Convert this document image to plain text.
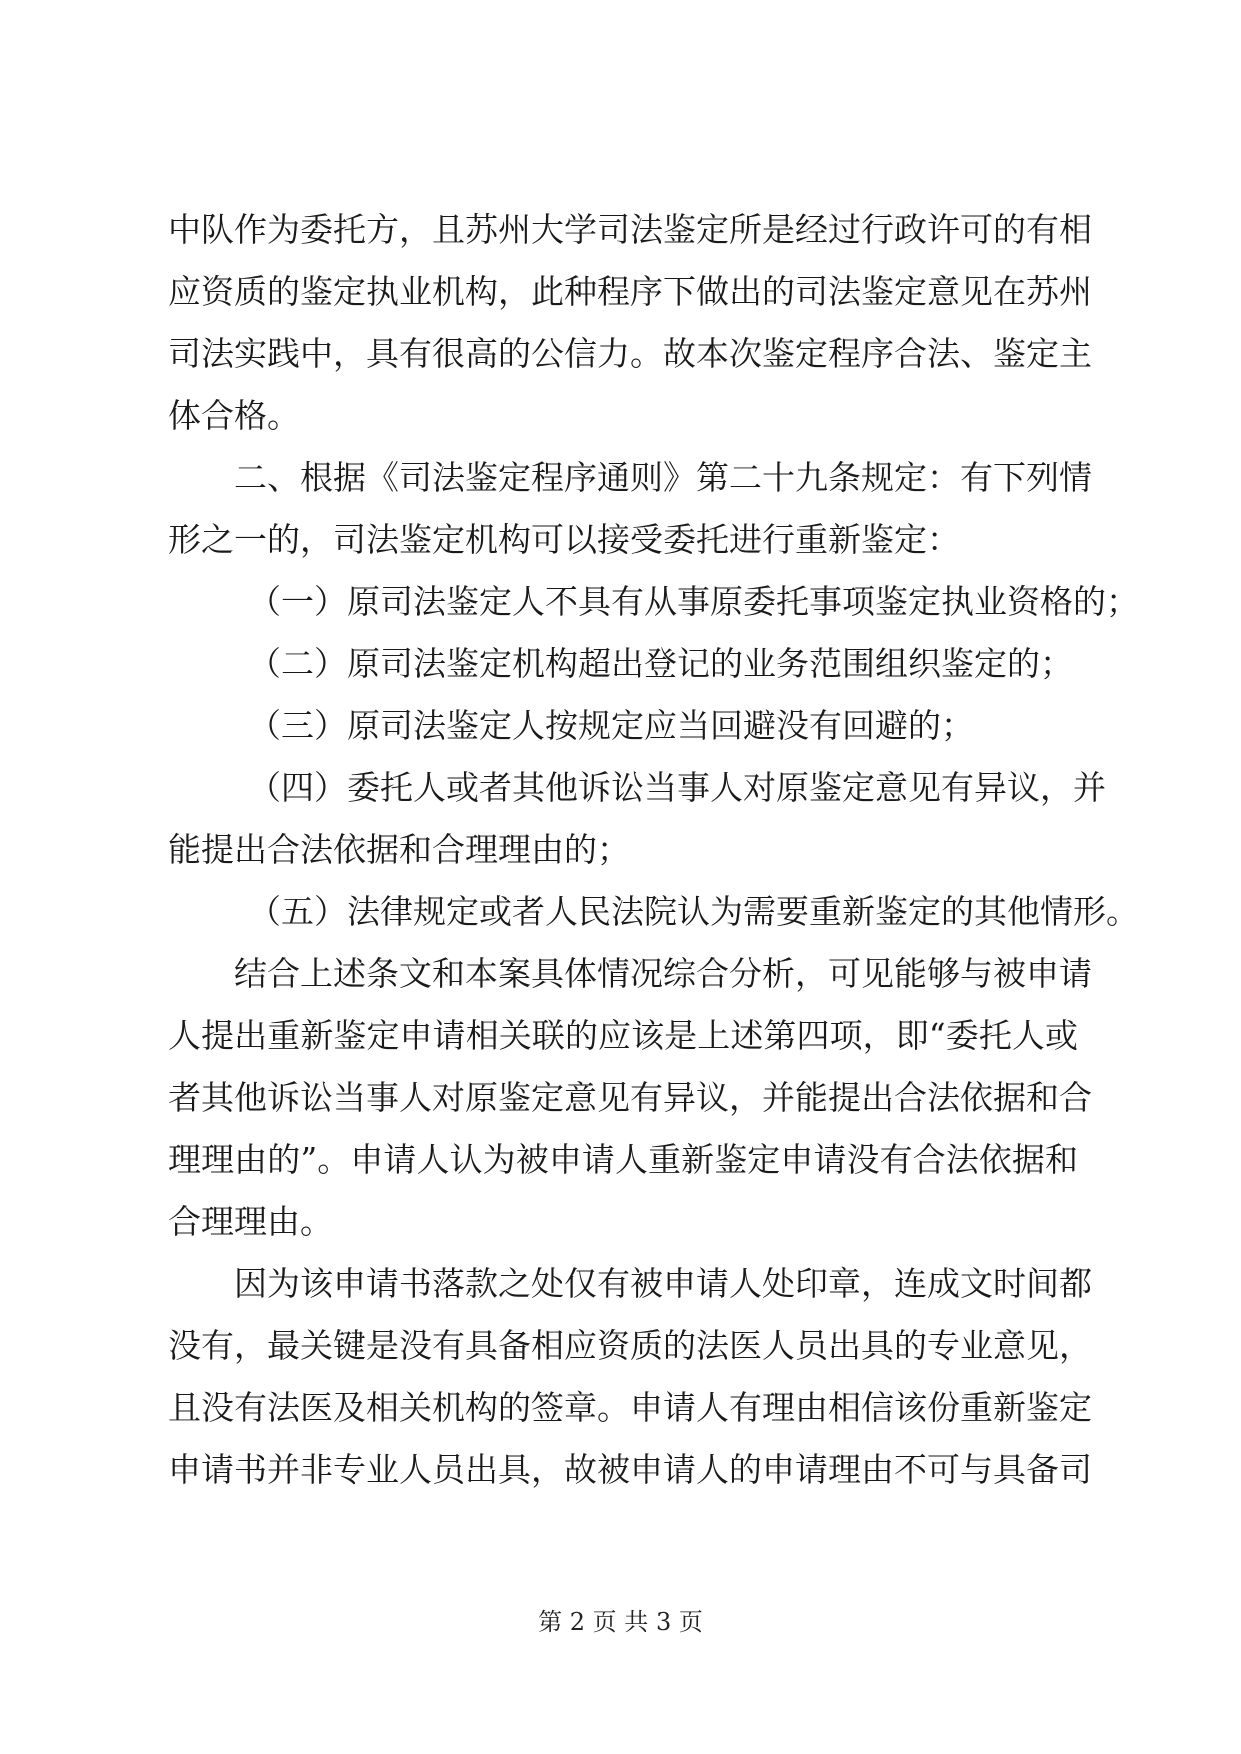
中队作为委托方，且苏州大学司法鉴定所是经过行政许可的有相
应资质的鉴定执业机构，此种程序下做出的司法鉴定意见在苏州
司法实践中，具有很高的公信力。故本次鉴定程序合法、鉴定主
体合格。
二、根据《司法鉴定程序通则》第二十九条规定：有下列情
形之一的，司法鉴定机构可以接受委托进行重新鉴定：
（一）原司法鉴定人不具有从事原委托事项鉴定执业资格的；
（二）原司法鉴定机构超出登记的业务范围组织鉴定的；
（三）原司法鉴定人按规定应当回避没有回避的；
（四）委托人或者其他诉讼当事人对原鉴定意见有异议，并
能提出合法依据和合理理由的；
（五）法律规定或者人民法院认为需要重新鉴定的其他情形。
结合上述条文和本案具体情况综合分析，可见能够与被申请
人提出重新鉴定申请相关联的应该是上述第四项，即“委托人或
者其他诉讼当事人对原鉴定意见有异议，并能提出合法依据和合
理理由的”。申请人认为被申请人重新鉴定申请没有合法依据和
合理理由。
因为该申请书落款之处仅有被申请人处印章，连成文时间都
没有，最关键是没有具备相应资质的法医人员出具的专业意见，
且没有法医及相关机构的签章。申请人有理由相信该份重新鉴定
申请书并非专业人员出具，故被申请人的申请理由不可与具备司
第 2 页 共 3 页
